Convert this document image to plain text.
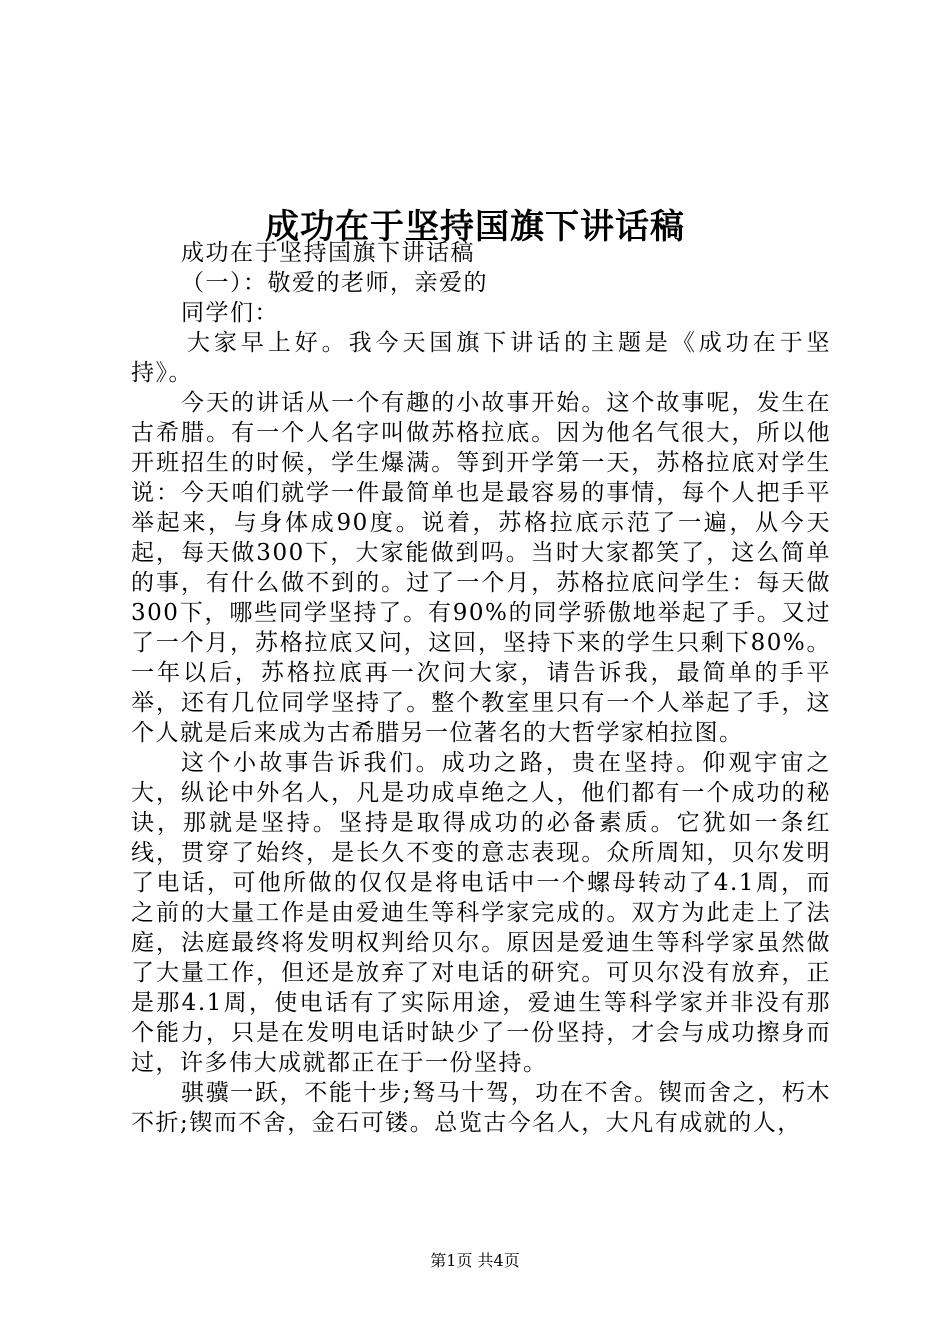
成功在于坚持国旗下讲话稿

成功在于坚持国旗下讲话稿

（一）：敬爱的老师，亲爱的

同学们：

大家早上好。我今天国旗下讲话的主题是《成功在于坚持》。

今天的讲话从一个有趣的小故事开始。这个故事呢，发生在古希腊。有一个人名字叫做苏格拉底。因为他名气很大，所以他开班招生的时候，学生爆满。等到开学第一天，苏格拉底对学生说：今天咱们就学一件最简单也是最容易的事情，每个人把手平举起来，与身体成90度。说着，苏格拉底示范了一遍，从今天起，每天做300下，大家能做到吗。当时大家都笑了，这么简单的事，有什么做不到的。过了一个月，苏格拉底问学生：每天做300下，哪些同学坚持了。有90%的同学骄傲地举起了手。又过了一个月，苏格拉底又问，这回，坚持下来的学生只剩下80%。一年以后，苏格拉底再一次问大家，请告诉我，最简单的手平举，还有几位同学坚持了。整个教室里只有一个人举起了手，这个人就是后来成为古希腊另一位著名的大哲学家柏拉图。

这个小故事告诉我们。成功之路，贵在坚持。仰观宇宙之大，纵论中外名人，凡是功成卓绝之人，他们都有一个成功的秘诀，那就是坚持。坚持是取得成功的必备素质。它犹如一条红线，贯穿了始终，是长久不变的意志表现。众所周知，贝尔发明了电话，可他所做的仅仅是将电话中一个螺母转动了4.1周，而之前的大量工作是由爱迪生等科学家完成的。双方为此走上了法庭，法庭最终将发明权判给贝尔。原因是爱迪生等科学家虽然做了大量工作，但还是放弃了对电话的研究。可贝尔没有放弃，正是那4.1周，使电话有了实际用途，爱迪生等科学家并非没有那个能力，只是在发明电话时缺少了一份坚持，才会与成功擦身而过，许多伟大成就都正在于一份坚持。

骐骥一跃，不能十步;驽马十驾，功在不舍。锲而舍之，朽木不折;锲而不舍，金石可镂。总览古今名人，大凡有成就的人，

第1页 共4页
